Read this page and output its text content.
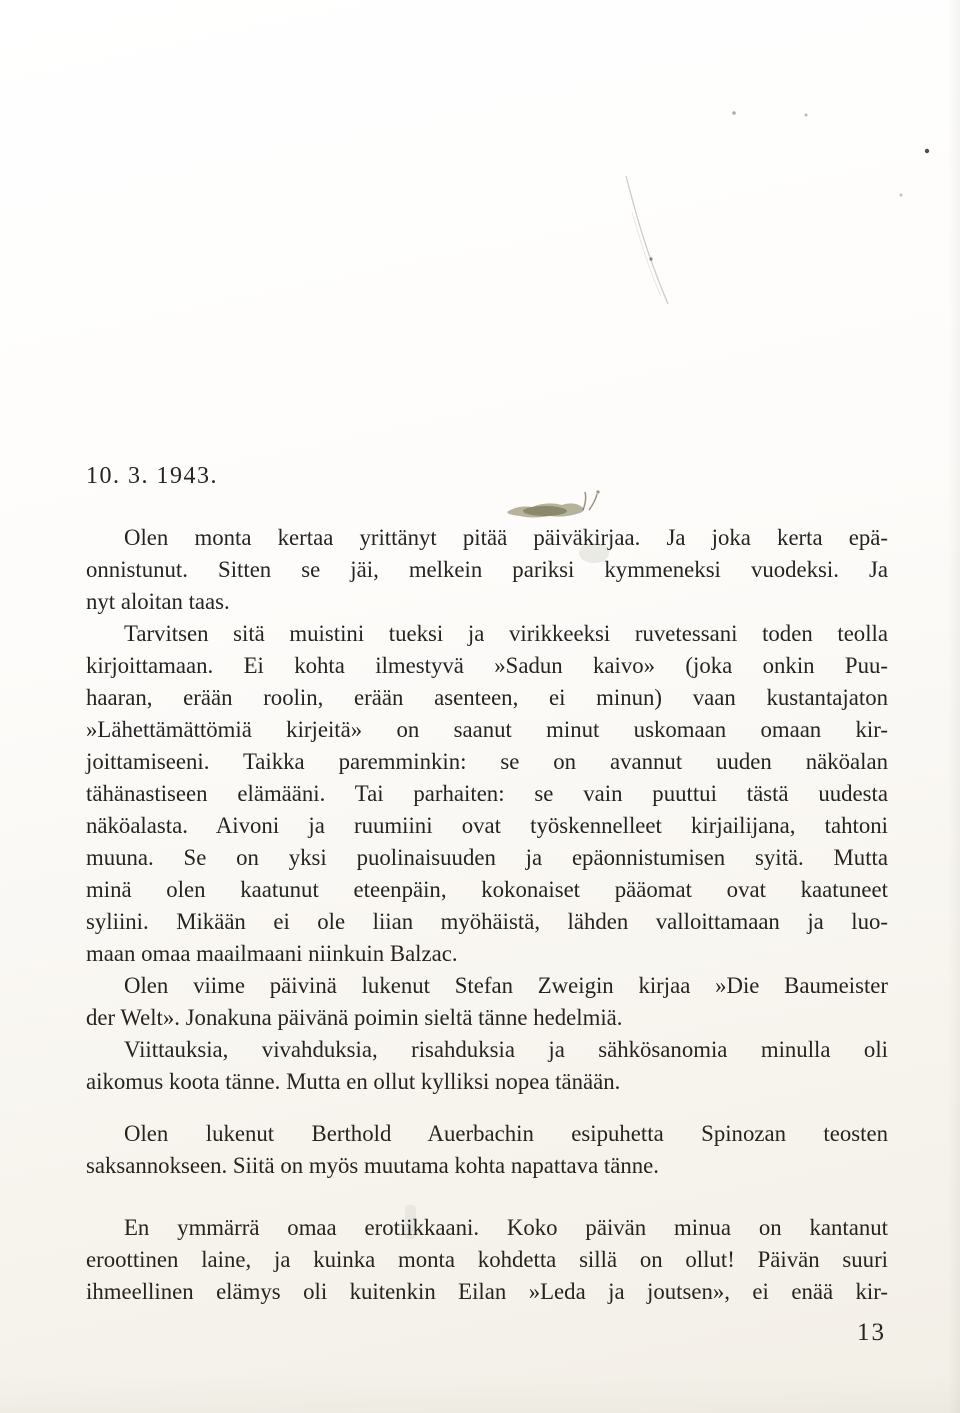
10. 3. 1943.
Olen monta kertaa yrittänyt pitää päiväkirjaa. Ja joka kerta epä-
onnistunut. Sitten se jäi, melkein pariksi kymmeneksi vuodeksi. Ja
nyt aloitan taas.
Tarvitsen sitä muistini tueksi ja virikkeeksi ruvetessani toden teolla
kirjoittamaan. Ei kohta ilmestyvä »Sadun kaivo» (joka onkin Puu-
haaran, erään roolin, erään asenteen, ei minun) vaan kustantajaton
»Lähettämättömiä kirjeitä» on saanut minut uskomaan omaan kir-
joittamiseeni. Taikka paremminkin: se on avannut uuden näköalan
tähänastiseen elämääni. Tai parhaiten: se vain puuttui tästä uudesta
näköalasta. Aivoni ja ruumiini ovat työskennelleet kirjailijana, tahtoni
muuna. Se on yksi puolinaisuuden ja epäonnistumisen syitä. Mutta
minä olen kaatunut eteenpäin, kokonaiset pääomat ovat kaatuneet
syliini. Mikään ei ole liian myöhäistä, lähden valloittamaan ja luo-
maan omaa maailmaani niinkuin Balzac.
Olen viime päivinä lukenut Stefan Zweigin kirjaa »Die Baumeister
der Welt». Jonakuna päivänä poimin sieltä tänne hedelmiä.
Viittauksia, vivahduksia, risahduksia ja sähkösanomia minulla oli
aikomus koota tänne. Mutta en ollut kylliksi nopea tänään.
Olen lukenut Berthold Auerbachin esipuhetta Spinozan teosten
saksannokseen. Siitä on myös muutama kohta napattava tänne.
En ymmärrä omaa erotiikkaani. Koko päivän minua on kantanut
eroottinen laine, ja kuinka monta kohdetta sillä on ollut! Päivän suuri
ihmeellinen elämys oli kuitenkin Eilan »Leda ja joutsen», ei enää kir-
13
